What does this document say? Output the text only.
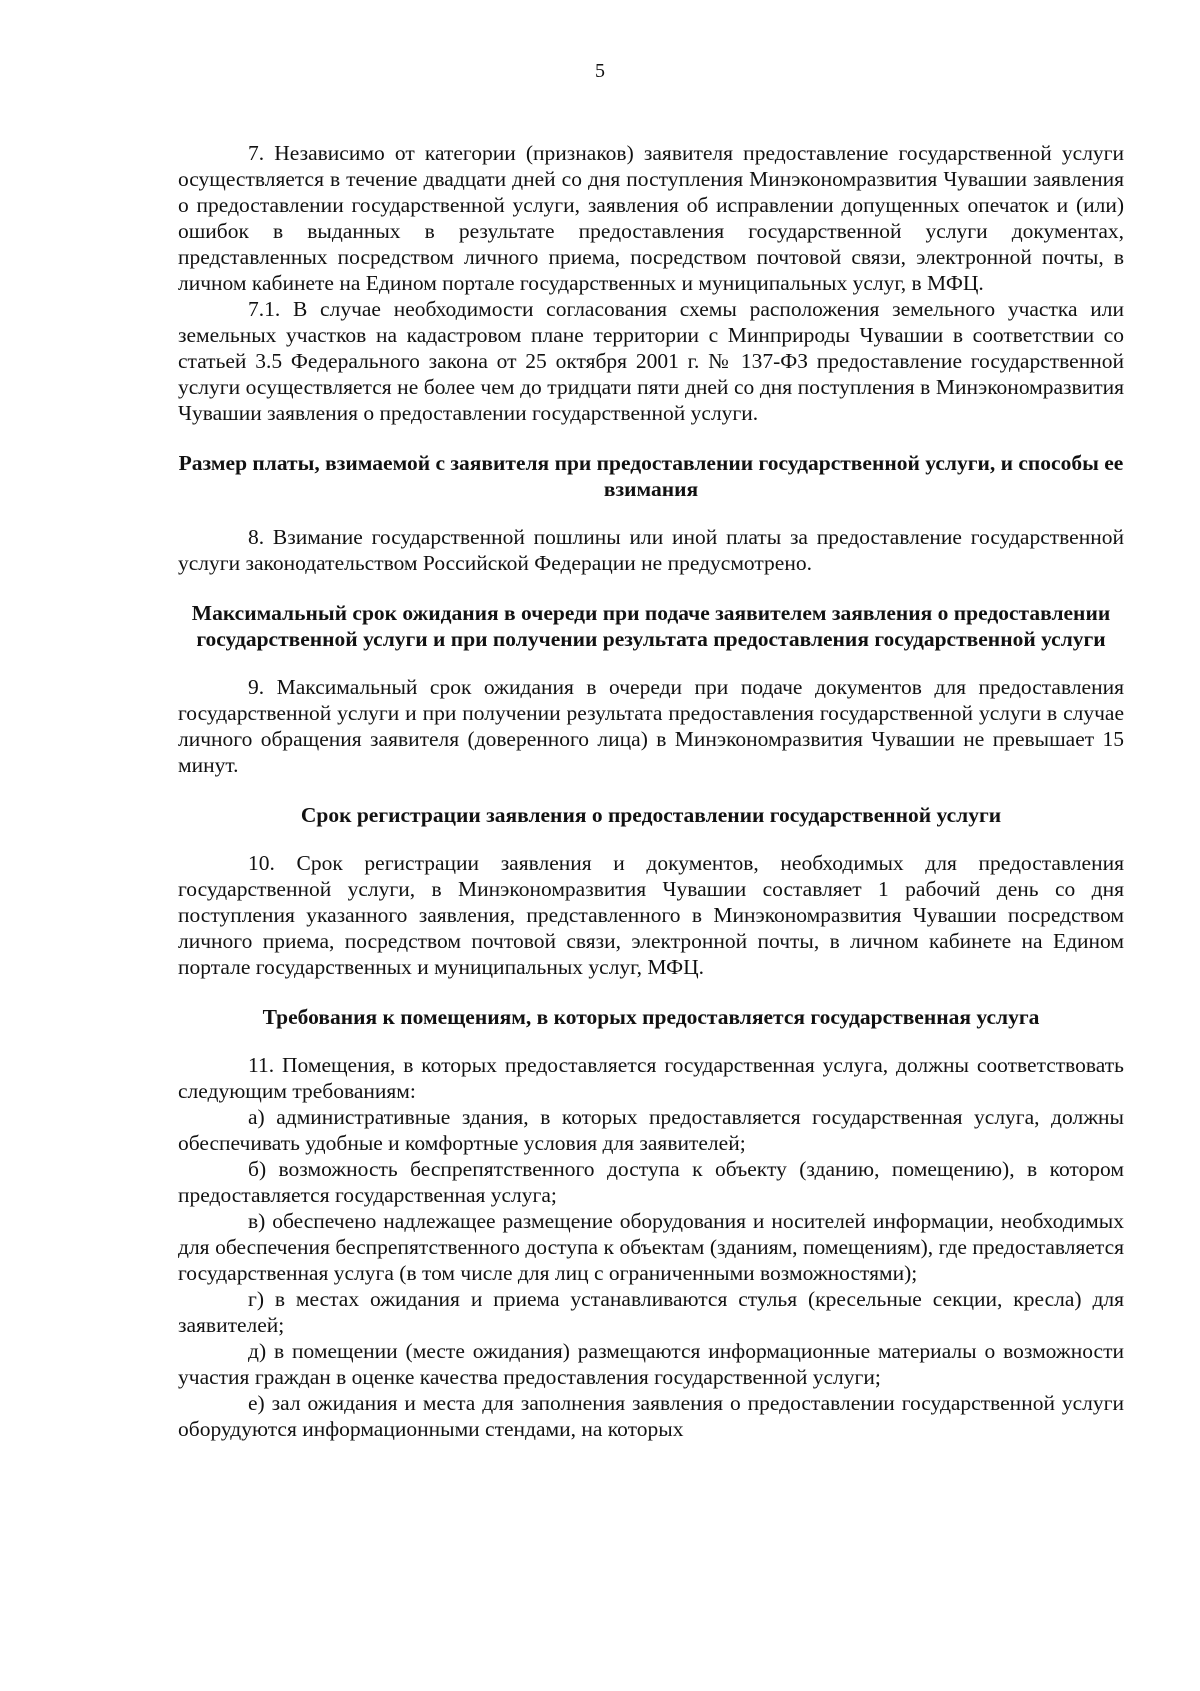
5

7. Независимо от категории (признаков) заявителя предоставление государственной услуги осуществляется в течение двадцати дней со дня поступления Минэкономразвития Чувашии заявления о предоставлении государственной услуги, заявления об исправлении допущенных опечаток и (или) ошибок в выданных в результате предоставления государственной услуги документах, представленных посредством личного приема, посредством почтовой связи, электронной почты, в личном кабинете на Едином портале государственных и муниципальных услуг, в МФЦ.

7.1. В случае необходимости согласования схемы расположения земельного участка или земельных участков на кадастровом плане территории с Минприроды Чувашии в соответствии со статьей 3.5 Федерального закона от 25 октября 2001 г. № 137-ФЗ предоставление государственной услуги осуществляется не более чем до тридцати пяти дней со дня поступления в Минэкономразвития Чувашии заявления о предоставлении государственной услуги.

Размер платы, взимаемой с заявителя при предоставлении государственной услуги, и способы ее взимания

8. Взимание государственной пошлины или иной платы за предоставление государственной услуги законодательством Российской Федерации не предусмотрено.

Максимальный срок ожидания в очереди при подаче заявителем заявления о предоставлении государственной услуги и при получении результата предоставления государственной услуги

9. Максимальный срок ожидания в очереди при подаче документов для предоставления государственной услуги и при получении результата предоставления государственной услуги в случае личного обращения заявителя (доверенного лица) в Минэкономразвития Чувашии не превышает 15 минут.

Срок регистрации заявления о предоставлении государственной услуги

10. Срок регистрации заявления и документов, необходимых для предоставления государственной услуги, в Минэкономразвития Чувашии составляет 1 рабочий день со дня поступления указанного заявления, представленного в Минэкономразвития Чувашии посредством личного приема, посредством почтовой связи, электронной почты, в личном кабинете на Едином портале государственных и муниципальных услуг, МФЦ.

Требования к помещениям, в которых предоставляется государственная услуга

11. Помещения, в которых предоставляется государственная услуга, должны соответствовать следующим требованиям:

а) административные здания, в которых предоставляется государственная услуга, должны обеспечивать удобные и комфортные условия для заявителей;

б) возможность беспрепятственного доступа к объекту (зданию, помещению), в котором предоставляется государственная услуга;

в) обеспечено надлежащее размещение оборудования и носителей информации, необходимых для обеспечения беспрепятственного доступа к объектам (зданиям, помещениям), где предоставляется государственная услуга (в том числе для лиц с ограниченными возможностями);

г) в местах ожидания и приема устанавливаются стулья (кресельные секции, кресла) для заявителей;

д) в помещении (месте ожидания) размещаются информационные материалы о возможности участия граждан в оценке качества предоставления государственной услуги;

е) зал ожидания и места для заполнения заявления о предоставлении государственной услуги оборудуются информационными стендами, на которых
